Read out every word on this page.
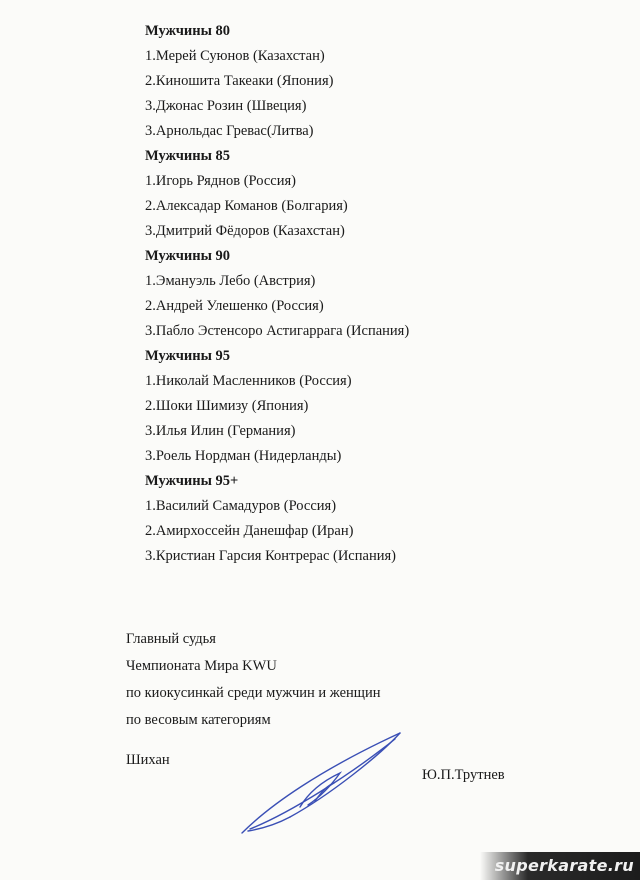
Мужчины 80
1.Мерей Суюнов (Казахстан)
2.Киношита Такеаки (Япония)
3.Джонас Розин (Швеция)
3.Арнольдас Гревас(Литва)
Мужчины 85
1.Игорь Ряднов (Россия)
2.Алексадар Команов (Болгария)
3.Дмитрий Фёдоров (Казахстан)
Мужчины 90
1.Эмануэль Лебо (Австрия)
2.Андрей Улешенко (Россия)
3.Пабло Эстенсоро Астигаррага (Испания)
Мужчины 95
1.Николай Масленников (Россия)
2.Шоки Шимизу (Япония)
3.Илья Илин (Германия)
3.Роель Нордман (Нидерланды)
Мужчины 95+
1.Василий Самадуров (Россия)
2.Амирхоссейн Данешфар (Иран)
3.Кристиан Гарсия Контрерас (Испания)
Главный судья
Чемпионата Мира KWU
по киокусинкай среди мужчин и женщин
по весовым категориям
Шихан
Ю.П.Трутнев
superkarate.ru
